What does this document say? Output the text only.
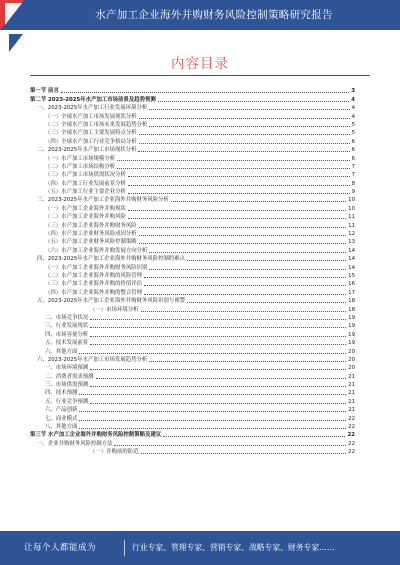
水产加工企业海外并购财务风险控制策略研究报告
内容目录
第一节 前言	3
第二节 2023-2025年水产加工市场前景及趋势预测	4
一、2023-2025年水产加工行业发展环境分析	4
（一）全球水产加工市场发展现状分析	4
（二）全球水产加工市场未来发展趋势分析	5
（三）全球水产加工主要发展特点分析	5
（四）全球水产加工行业竞争格局分析	6
二、2023-2025年水产加工市场现状分析	6
（一）水产加工市场规模分析	6
（二）水产加工市场结构分析	7
（三）水产加工市场供需状况分析	7
（四）水产加工行业发展前景分析	8
（五）水产加工行业主要企业分析	9
三、2023-2025年水产加工企业海外并购财务风险分析	10
（一）水产加工企业海外并购现状	10
（二）水产加工企业海外并购风险	11
（三）水产加工企业海外并购财务风险	11
（四）水产加工企业财务风险成因分析	12
（五）水产加工企业财务风险控制策略	13
（六）水产加工企业海外并购发展方向分析	14
四、2023-2025年水产加工企业海外并购财务风险控制的难点	14
（一）水产加工企业海外并购财务风险识别	14
（二）水产加工企业海外并购的风险管理	15
（三）水产加工企业海外并购的价值评估	16
（四）水产加工企业海外并购的整合管理	17
五、2023-2025年水产加工企业海外并购财务风险识别与预警	18
（一）市场环境分析	18
二、市场竞争状况	19
三、行业发展现状	19
四、市场容量分析	19
五、技术发展前景	19
六、其他方面	20
六、2023-2025年水产加工市场发展趋势分析	20
一、市场环境预测	20
二、消费者需求预测	21
三、市场供需预测	21
四、技术预测	21
五、行业竞争预测	21
六、产品创新	21
七、商业模式	22
八、其他方面	22
第三节 水产加工企业海外并购财务风险控制策略及建议	22
一、企业并购财务风险控制方法	22
（一）并购前的防范	22
让每个人都能成为	行业专家、管理专家、营销专家、战略专家、财务专家……
